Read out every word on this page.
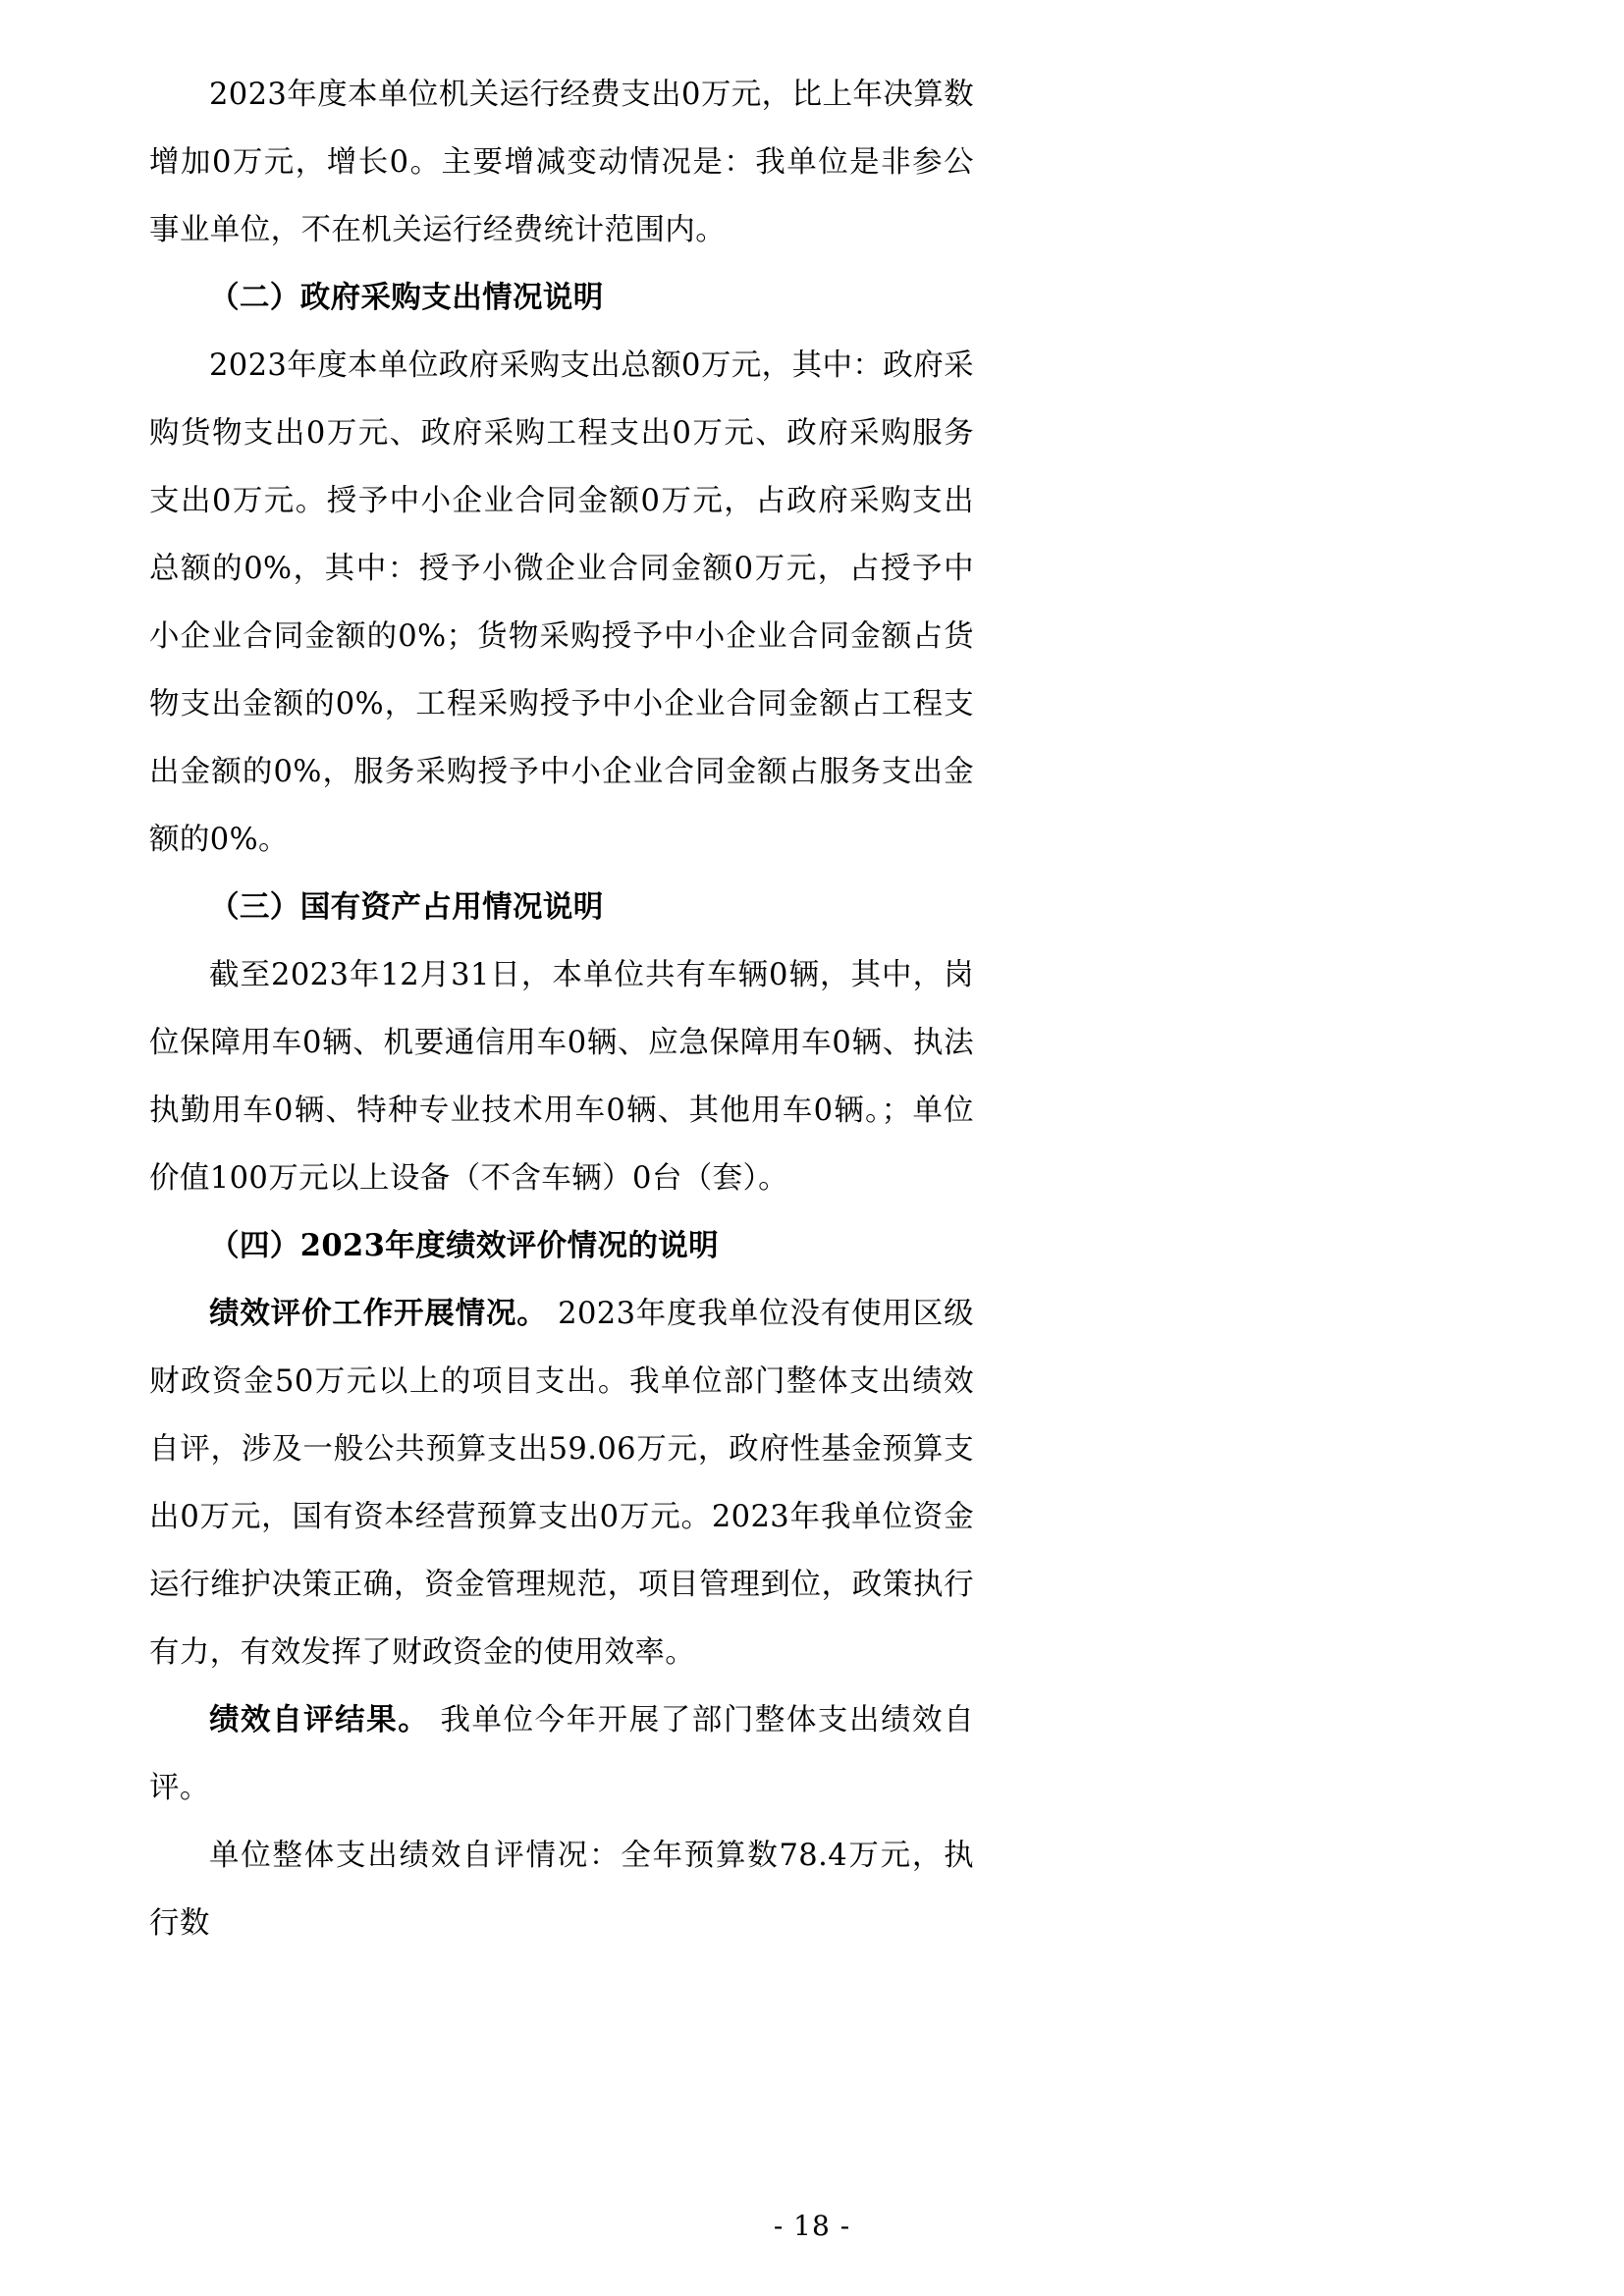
2023年度本单位机关运行经费支出0万元，比上年决算数增加0万元，增长0。主要增减变动情况是：我单位是非参公事业单位，不在机关运行经费统计范围内。

（二）政府采购支出情况说明

2023年度本单位政府采购支出总额0万元，其中：政府采购货物支出0万元、政府采购工程支出0万元、政府采购服务支出0万元。授予中小企业合同金额0万元，占政府采购支出总额的0%，其中：授予小微企业合同金额0万元，占授予中小企业合同金额的0%；货物采购授予中小企业合同金额占货物支出金额的0%，工程采购授予中小企业合同金额占工程支出金额的0%，服务采购授予中小企业合同金额占服务支出金额的0%。

（三）国有资产占用情况说明

截至2023年12月31日，本单位共有车辆0辆，其中，岗位保障用车0辆、机要通信用车0辆、应急保障用车0辆、执法执勤用车0辆、特种专业技术用车0辆、其他用车0辆。；单位价值100万元以上设备（不含车辆）0台（套）。

（四）2023年度绩效评价情况的说明

绩效评价工作开展情况。 2023年度我单位没有使用区级财政资金50万元以上的项目支出。我单位部门整体支出绩效自评，涉及一般公共预算支出59.06万元，政府性基金预算支出0万元，国有资本经营预算支出0万元。2023年我单位资金运行维护决策正确，资金管理规范，项目管理到位，政策执行有力，有效发挥了财政资金的使用效率。

绩效自评结果。 我单位今年开展了部门整体支出绩效自评。

单位整体支出绩效自评情况：全年预算数78.4万元，执行数

- 18 -
